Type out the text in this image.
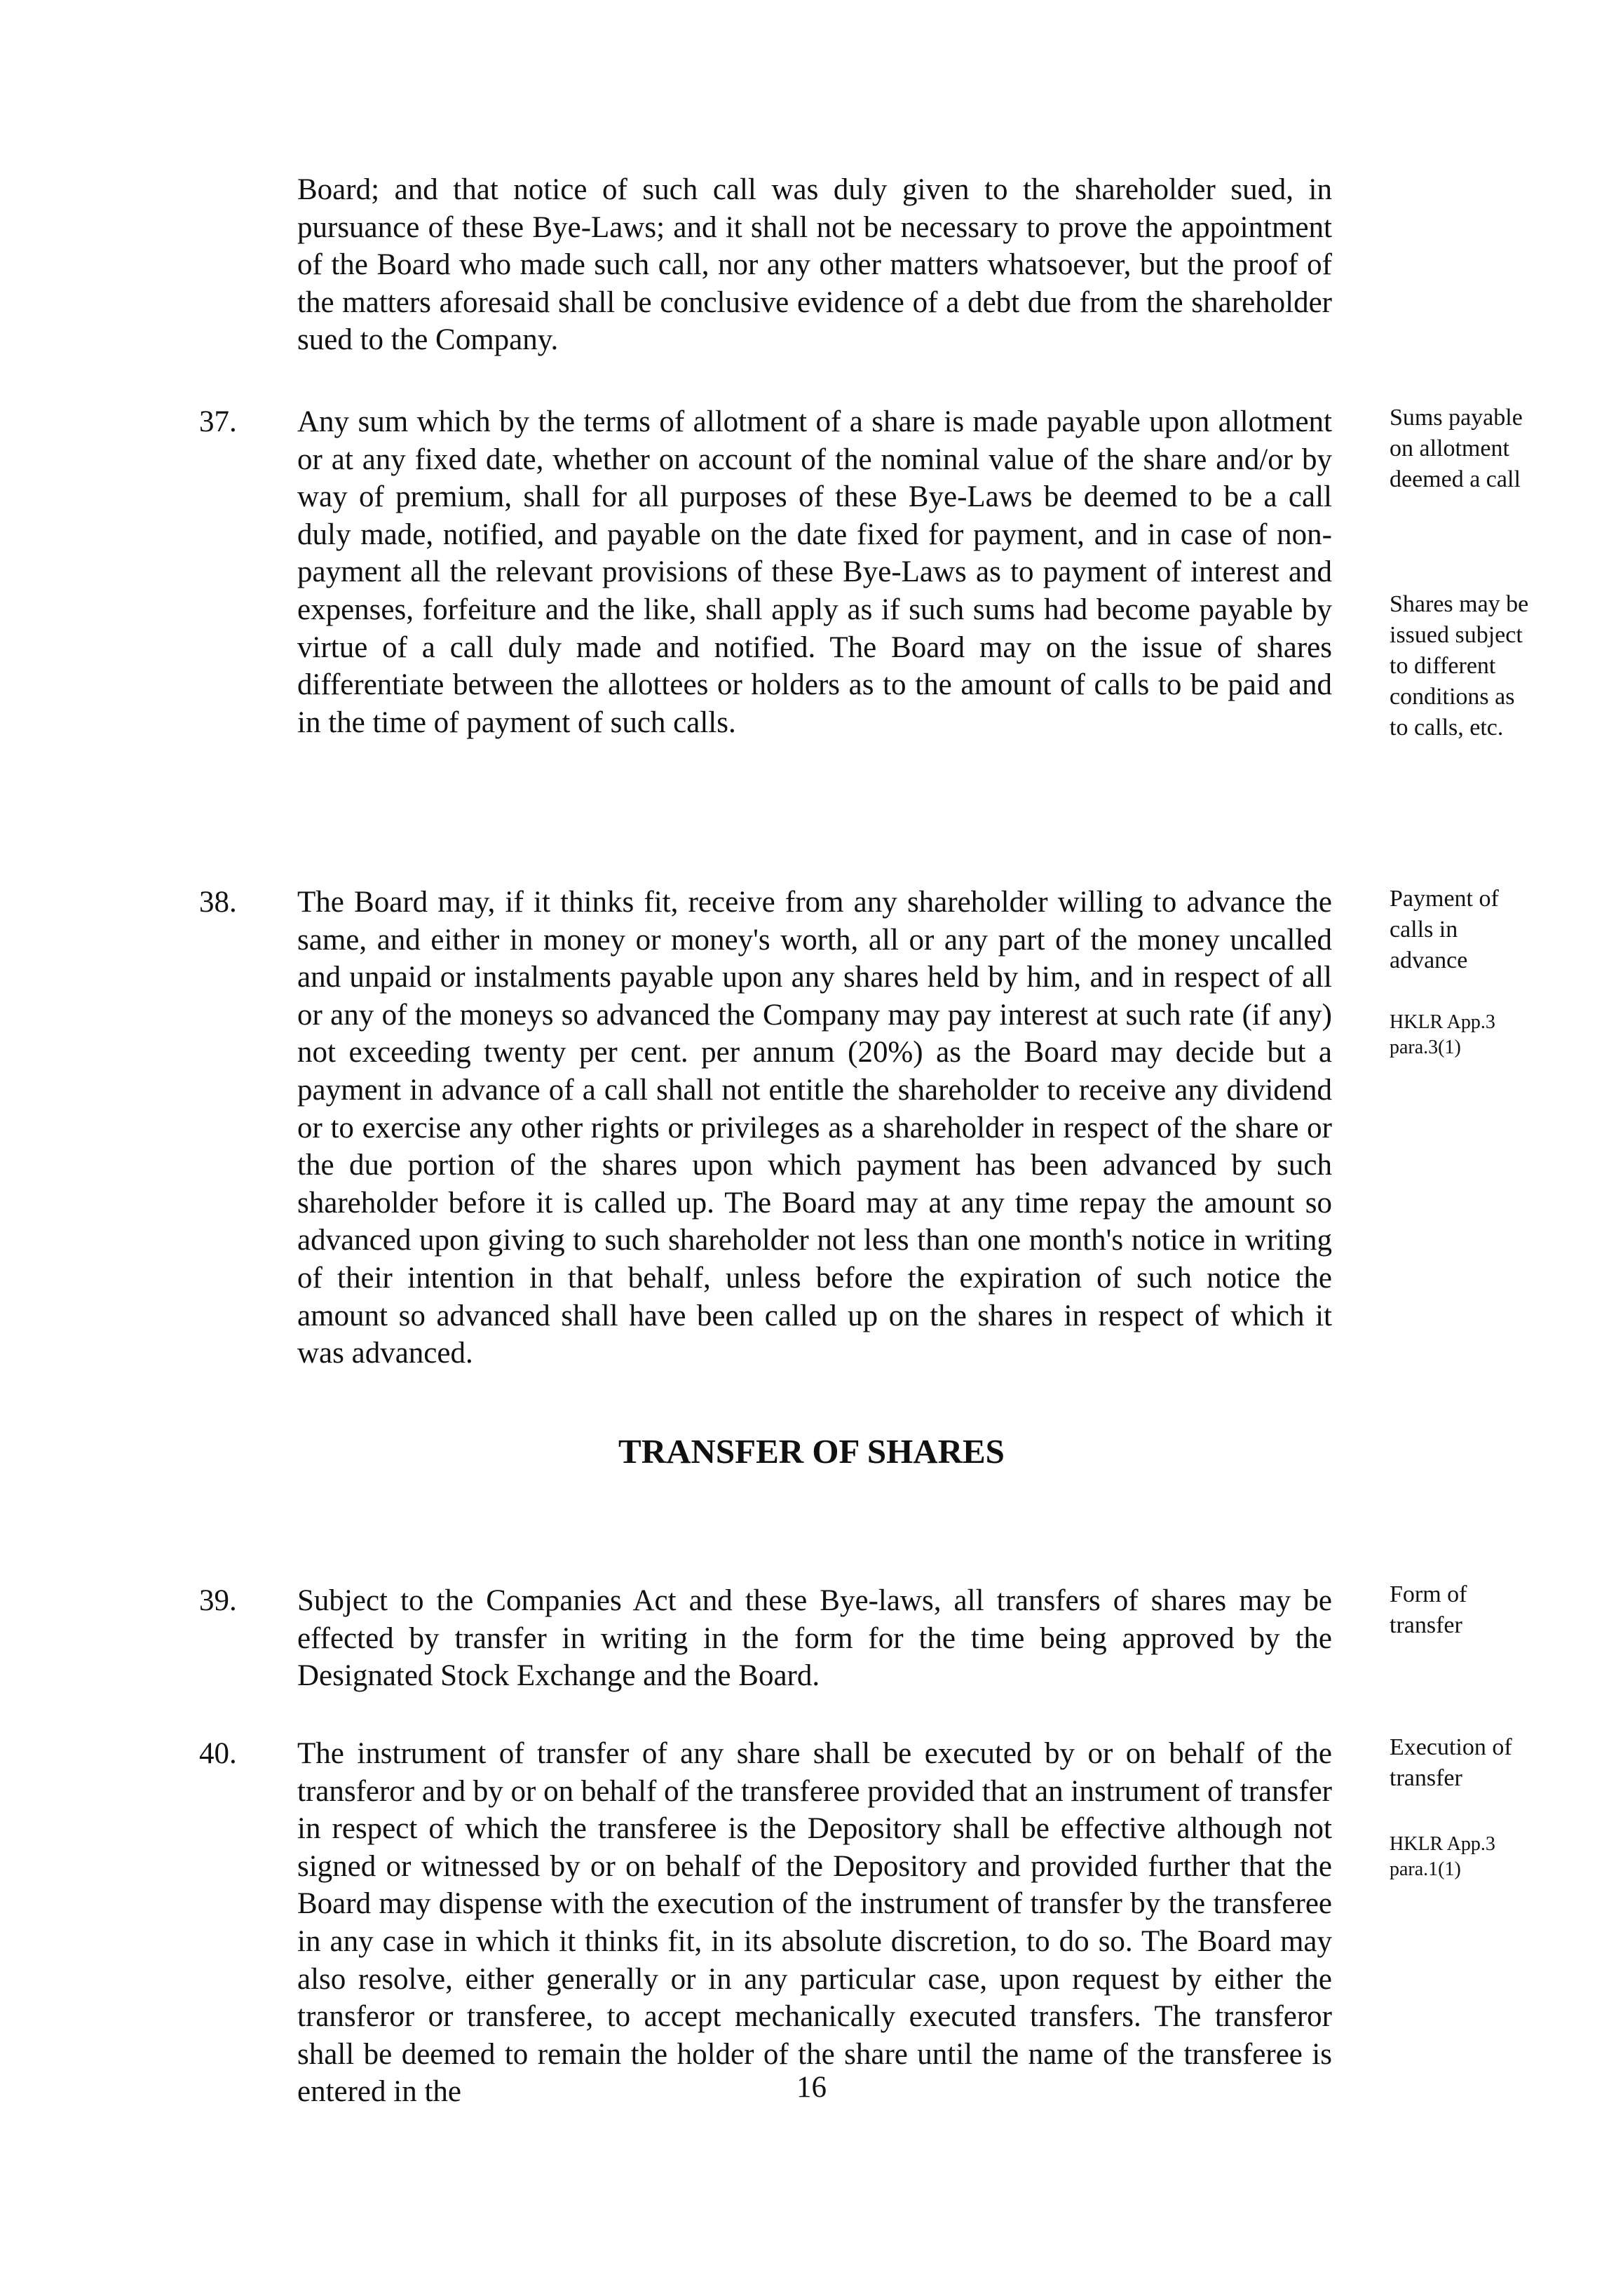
Board; and that notice of such call was duly given to the shareholder sued, in pursuance of these Bye-Laws; and it shall not be necessary to prove the appointment of the Board who made such call, nor any other matters whatsoever, but the proof of the matters aforesaid shall be conclusive evidence of a debt due from the shareholder sued to the Company.
37. Any sum which by the terms of allotment of a share is made payable upon allotment or at any fixed date, whether on account of the nominal value of the share and/or by way of premium, shall for all purposes of these Bye-Laws be deemed to be a call duly made, notified, and payable on the date fixed for payment, and in case of non-payment all the relevant provisions of these Bye-Laws as to payment of interest and expenses, forfeiture and the like, shall apply as if such sums had become payable by virtue of a call duly made and notified. The Board may on the issue of shares differentiate between the allottees or holders as to the amount of calls to be paid and in the time of payment of such calls.

Sums payable on allotment deemed a call

Shares may be issued subject to different conditions as to calls, etc.

38. The Board may, if it thinks fit, receive from any shareholder willing to advance the same, and either in money or money's worth, all or any part of the money uncalled and unpaid or instalments payable upon any shares held by him, and in respect of all or any of the moneys so advanced the Company may pay interest at such rate (if any) not exceeding twenty per cent. per annum (20%) as the Board may decide but a payment in advance of a call shall not entitle the shareholder to receive any dividend or to exercise any other rights or privileges as a shareholder in respect of the share or the due portion of the shares upon which payment has been advanced by such shareholder before it is called up. The Board may at any time repay the amount so advanced upon giving to such shareholder not less than one month's notice in writing of their intention in that behalf, unless before the expiration of such notice the amount so advanced shall have been called up on the shares in respect of which it was advanced.

Payment of calls in advance

HKLR App.3 para.3(1)

TRANSFER OF SHARES
39. Subject to the Companies Act and these Bye-laws, all transfers of shares may be effected by transfer in writing in the form for the time being approved by the Designated Stock Exchange and the Board.

Form of transfer

40. The instrument of transfer of any share shall be executed by or on behalf of the transferor and by or on behalf of the transferee provided that an instrument of transfer in respect of which the transferee is the Depository shall be effective although not signed or witnessed by or on behalf of the Depository and provided further that the Board may dispense with the execution of the instrument of transfer by the transferee in any case in which it thinks fit, in its absolute discretion, to do so. The Board may also resolve, either generally or in any particular case, upon request by either the transferor or transferee, to accept mechanically executed transfers. The transferor shall be deemed to remain the holder of the share until the name of the transferee is entered in the

Execution of transfer

HKLR App.3 para.1(1)

16
